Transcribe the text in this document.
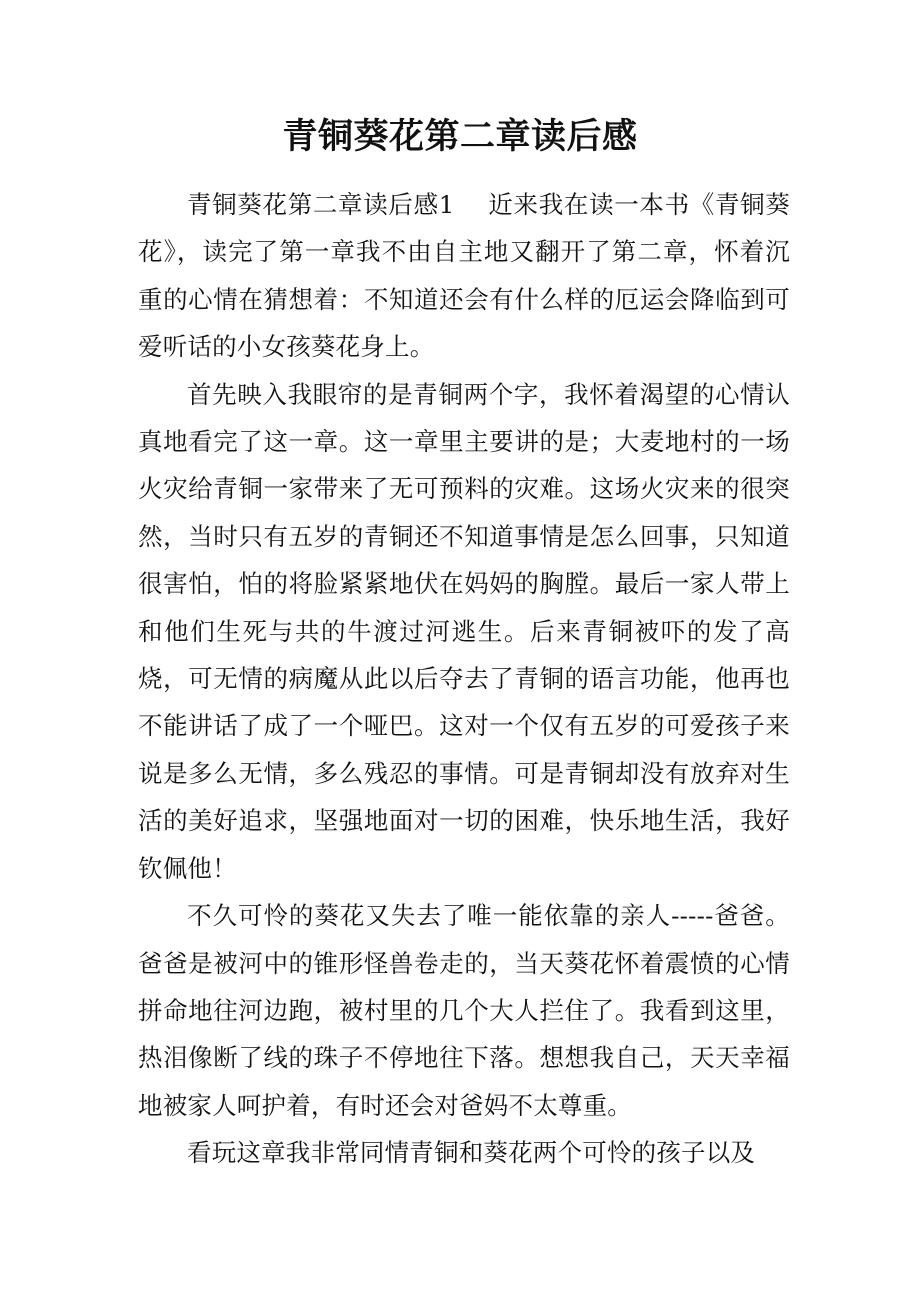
青铜葵花第二章读后感

青铜葵花第二章读后感1    近来我在读一本书《青铜葵花》，读完了第一章我不由自主地又翻开了第二章，怀着沉重的心情在猜想着：不知道还会有什么样的厄运会降临到可爱听话的小女孩葵花身上。

首先映入我眼帘的是青铜两个字，我怀着渴望的心情认真地看完了这一章。这一章里主要讲的是；大麦地村的一场火灾给青铜一家带来了无可预料的灾难。这场火灾来的很突然，当时只有五岁的青铜还不知道事情是怎么回事，只知道很害怕，怕的将脸紧紧地伏在妈妈的胸膛。最后一家人带上和他们生死与共的牛渡过河逃生。后来青铜被吓的发了高烧，可无情的病魔从此以后夺去了青铜的语言功能，他再也不能讲话了成了一个哑巴。这对一个仅有五岁的可爱孩子来说是多么无情，多么残忍的事情。可是青铜却没有放弃对生活的美好追求，坚强地面对一切的困难，快乐地生活，我好钦佩他！

不久可怜的葵花又失去了唯一能依靠的亲人-----爸爸。爸爸是被河中的锥形怪兽卷走的，当天葵花怀着震愤的心情拼命地往河边跑，被村里的几个大人拦住了。我看到这里，热泪像断了线的珠子不停地往下落。想想我自己，天天幸福地被家人呵护着，有时还会对爸妈不太尊重。

看玩这章我非常同情青铜和葵花两个可怜的孩子以及
